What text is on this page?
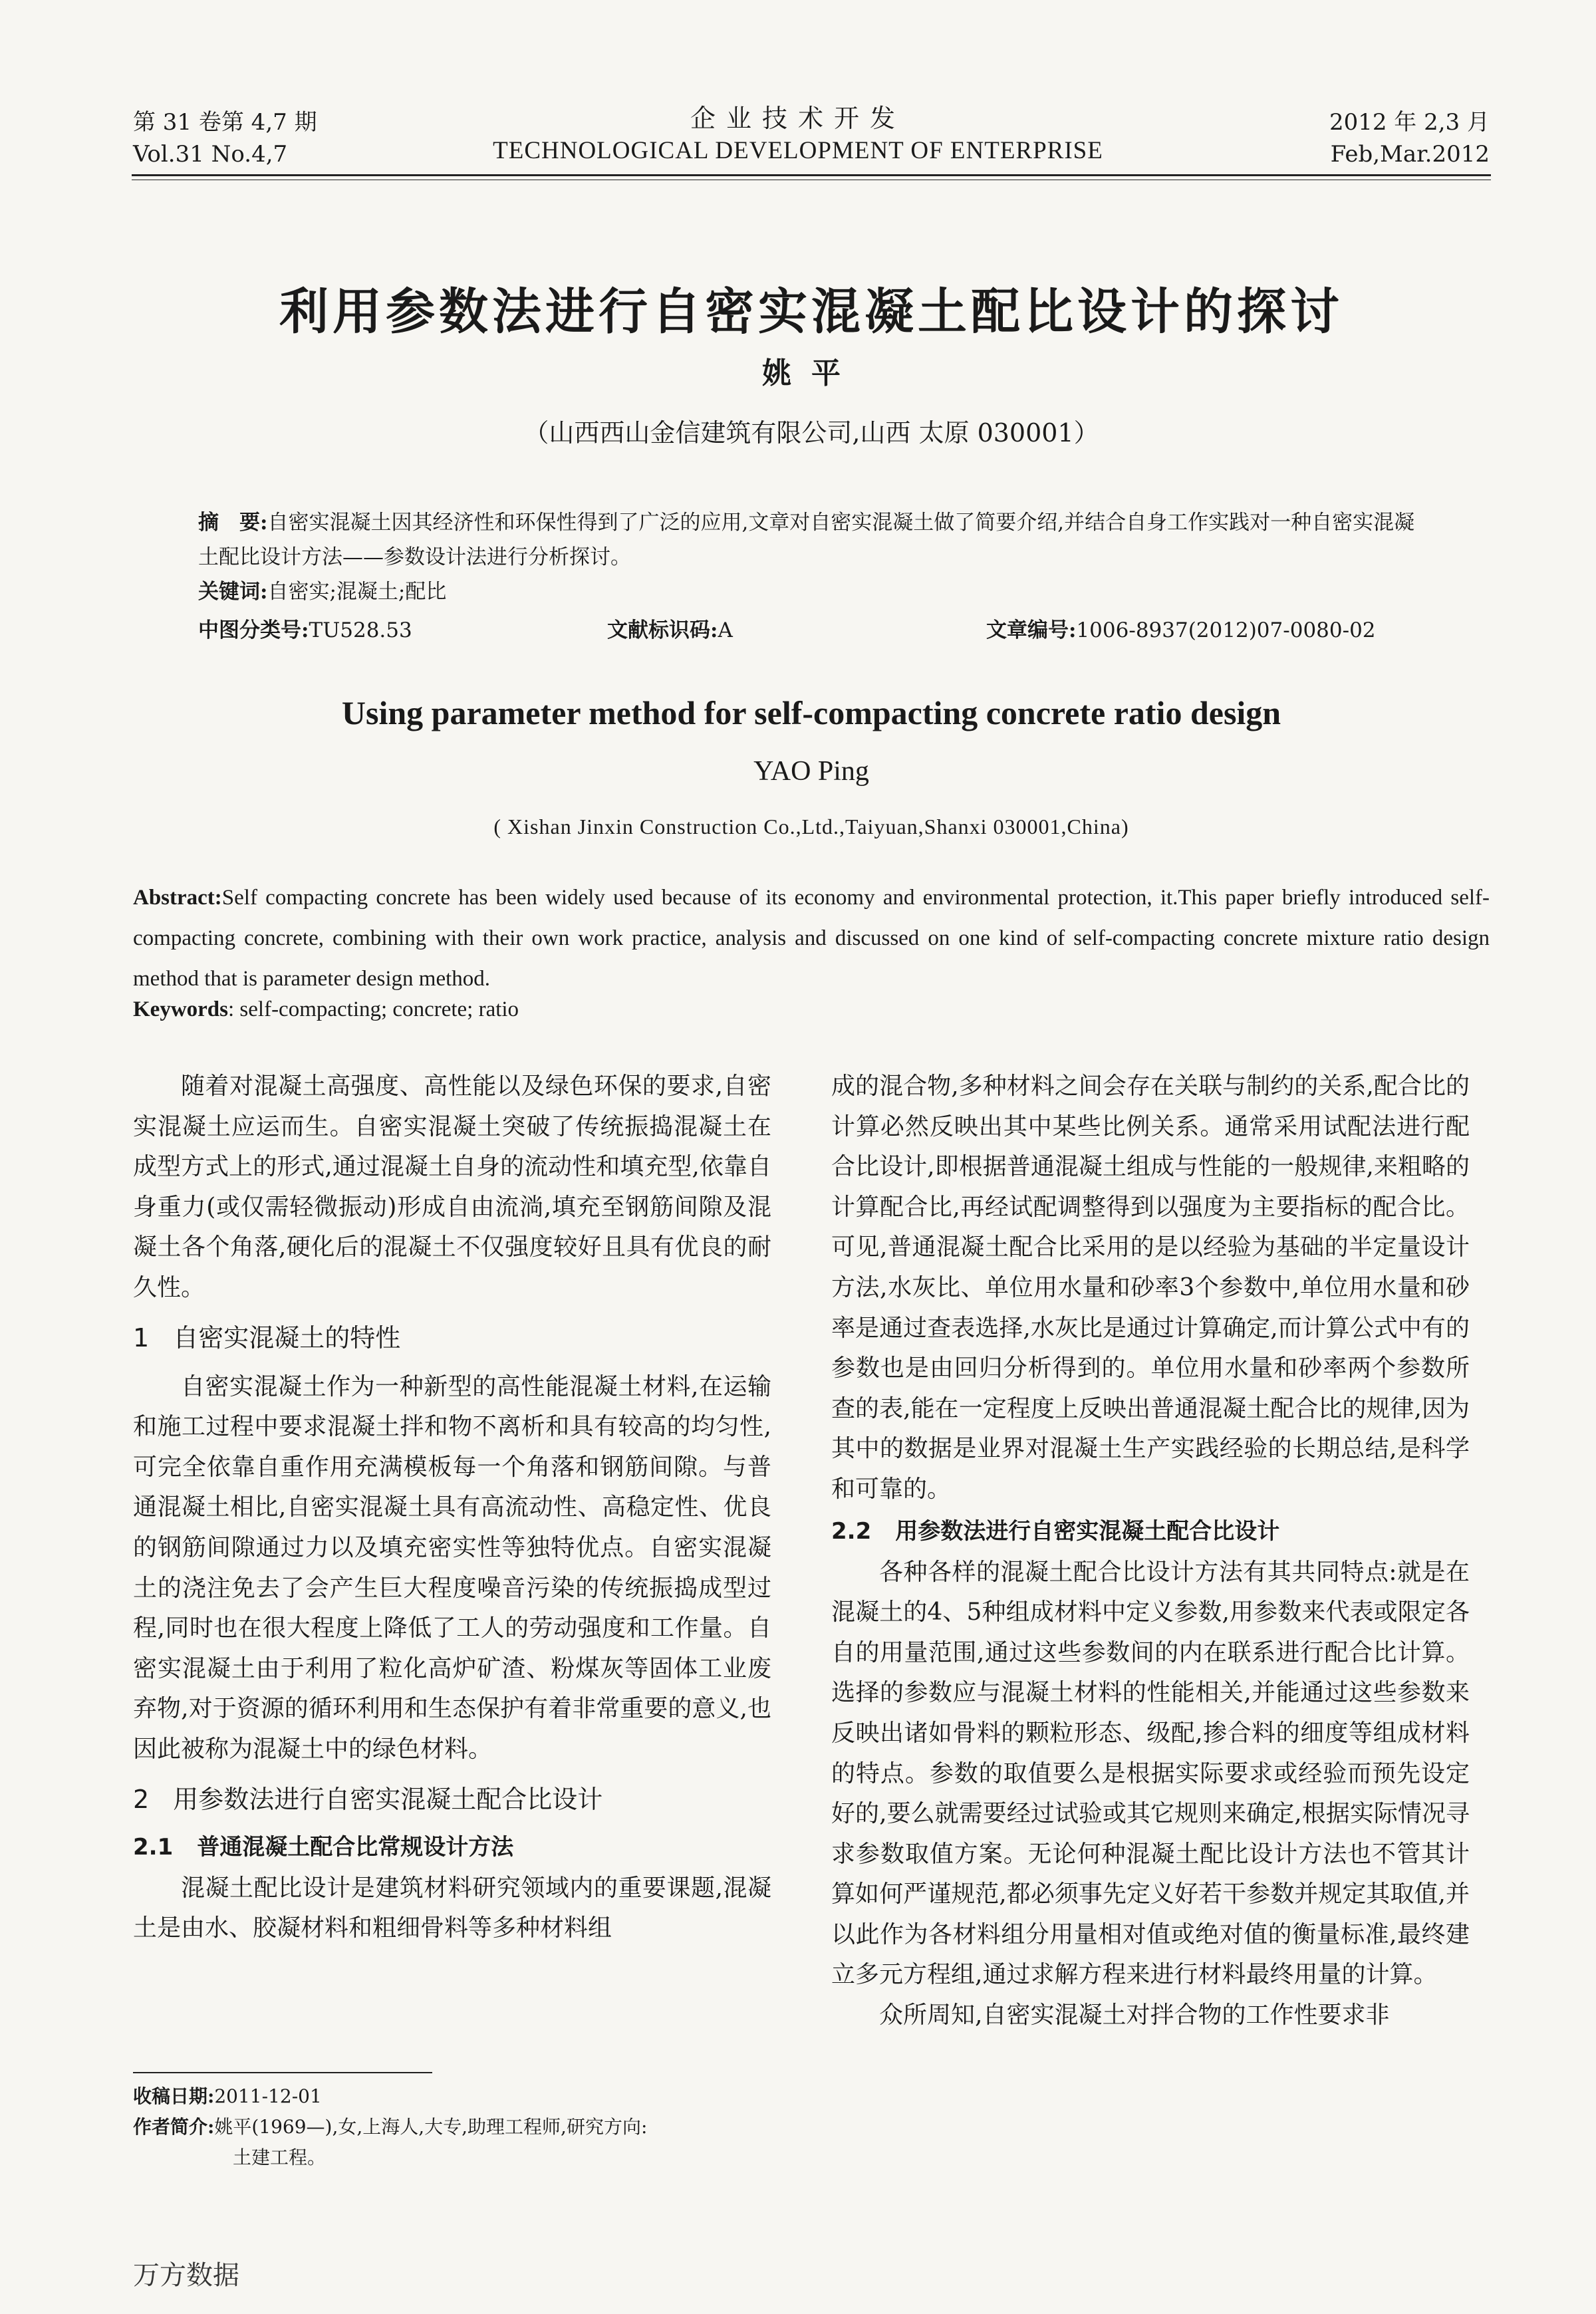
第 31 卷第 4,7 期
Vol.31 No.4,7
企业技术开发
TECHNOLOGICAL DEVELOPMENT OF ENTERPRISE
2012 年 2,3 月
Feb,Mar.2012
利用参数法进行自密实混凝土配比设计的探讨
姚平
（山西西山金信建筑有限公司,山西 太原 030001）
摘　要:自密实混凝土因其经济性和环保性得到了广泛的应用,文章对自密实混凝土做了简要介绍,并结合自身工作实践对一种自密实混凝土配比设计方法——参数设计法进行分析探讨。
关键词:自密实;混凝土;配比
中图分类号:TU528.53	文献标识码:A	文章编号:1006-8937(2012)07-0080-02
Using parameter method for self-compacting concrete ratio design
YAO Ping
( Xishan Jinxin Construction Co.,Ltd.,Taiyuan,Shanxi 030001,China)
Abstract:Self compacting concrete has been widely used because of its economy and environmental protection, it.This paper briefly introduced self-compacting concrete, combining with their own work practice, analysis and discussed on one kind of self-compacting concrete mixture ratio design method that is parameter design method.
Keywords: self-compacting; concrete; ratio

随着对混凝土高强度、高性能以及绿色环保的要求,自密实混凝土应运而生。自密实混凝土突破了传统振捣混凝土在成型方式上的形式,通过混凝土自身的流动性和填充型,依靠自身重力(或仅需轻微振动)形成自由流淌,填充至钢筋间隙及混凝土各个角落,硬化后的混凝土不仅强度较好且具有优良的耐久性。

1 自密实混凝土的特性

自密实混凝土作为一种新型的高性能混凝土材料,在运输和施工过程中要求混凝土拌和物不离析和具有较高的均匀性,可完全依靠自重作用充满模板每一个角落和钢筋间隙。与普通混凝土相比,自密实混凝土具有高流动性、高稳定性、优良的钢筋间隙通过力以及填充密实性等独特优点。自密实混凝土的浇注免去了会产生巨大程度噪音污染的传统振捣成型过程,同时也在很大程度上降低了工人的劳动强度和工作量。自密实混凝土由于利用了粒化高炉矿渣、粉煤灰等固体工业废弃物,对于资源的循环利用和生态保护有着非常重要的意义,也因此被称为混凝土中的绿色材料。

2 用参数法进行自密实混凝土配合比设计
2.1 普通混凝土配合比常规设计方法

混凝土配比设计是建筑材料研究领域内的重要课题,混凝土是由水、胶凝材料和粗细骨料等多种材料组

成的混合物,多种材料之间会存在关联与制约的关系,配合比的计算必然反映出其中某些比例关系。通常采用试配法进行配合比设计,即根据普通混凝土组成与性能的一般规律,来粗略的计算配合比,再经试配调整得到以强度为主要指标的配合比。可见,普通混凝土配合比采用的是以经验为基础的半定量设计方法,水灰比、单位用水量和砂率3个参数中,单位用水量和砂率是通过查表选择,水灰比是通过计算确定,而计算公式中有的参数也是由回归分析得到的。单位用水量和砂率两个参数所查的表,能在一定程度上反映出普通混凝土配合比的规律,因为其中的数据是业界对混凝土生产实践经验的长期总结,是科学和可靠的。

2.2 用参数法进行自密实混凝土配合比设计

各种各样的混凝土配合比设计方法有其共同特点:就是在混凝土的4、5种组成材料中定义参数,用参数来代表或限定各自的用量范围,通过这些参数间的内在联系进行配合比计算。选择的参数应与混凝土材料的性能相关,并能通过这些参数来反映出诸如骨料的颗粒形态、级配,掺合料的细度等组成材料的特点。参数的取值要么是根据实际要求或经验而预先设定好的,要么就需要经过试验或其它规则来确定,根据实际情况寻求参数取值方案。无论何种混凝土配比设计方法也不管其计算如何严谨规范,都必须事先定义好若干参数并规定其取值,并以此作为各材料组分用量相对值或绝对值的衡量标准,最终建立多元方程组,通过求解方程来进行材料最终用量的计算。

众所周知,自密实混凝土对拌合物的工作性要求非

收稿日期:2011-12-01
作者简介:姚平(1969—),女,上海人,大专,助理工程师,研究方向:
土建工程。
万方数据
